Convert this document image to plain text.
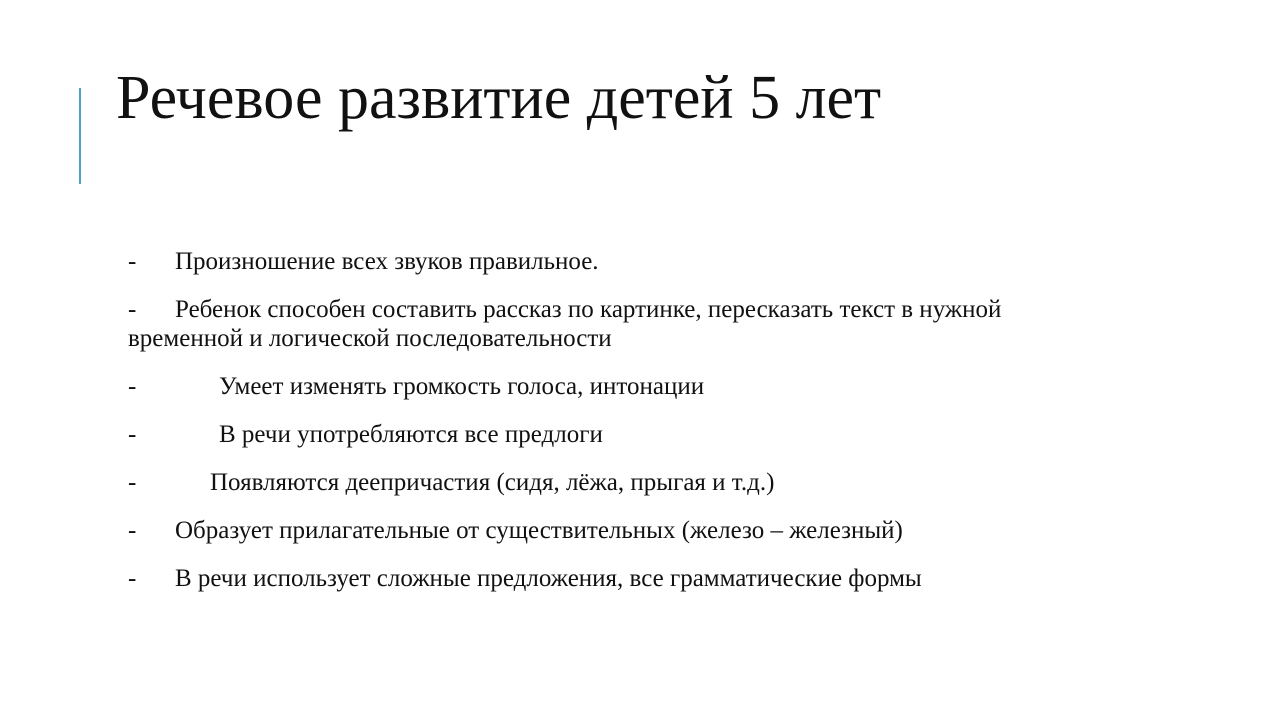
Речевое развитие детей 5 лет
- Произношение всех звуков правильное.
- Ребенок способен составить рассказ по картинке, пересказать текст в нужной временной и логической последовательности
-	Умеет изменять громкость голоса, интонации
-	В речи употребляются все предлоги
-	Появляются деепричастия (сидя, лёжа, прыгая и т.д.)
- Образует прилагательные от существительных (железо – железный)
- В речи использует сложные предложения, все грамматические формы
